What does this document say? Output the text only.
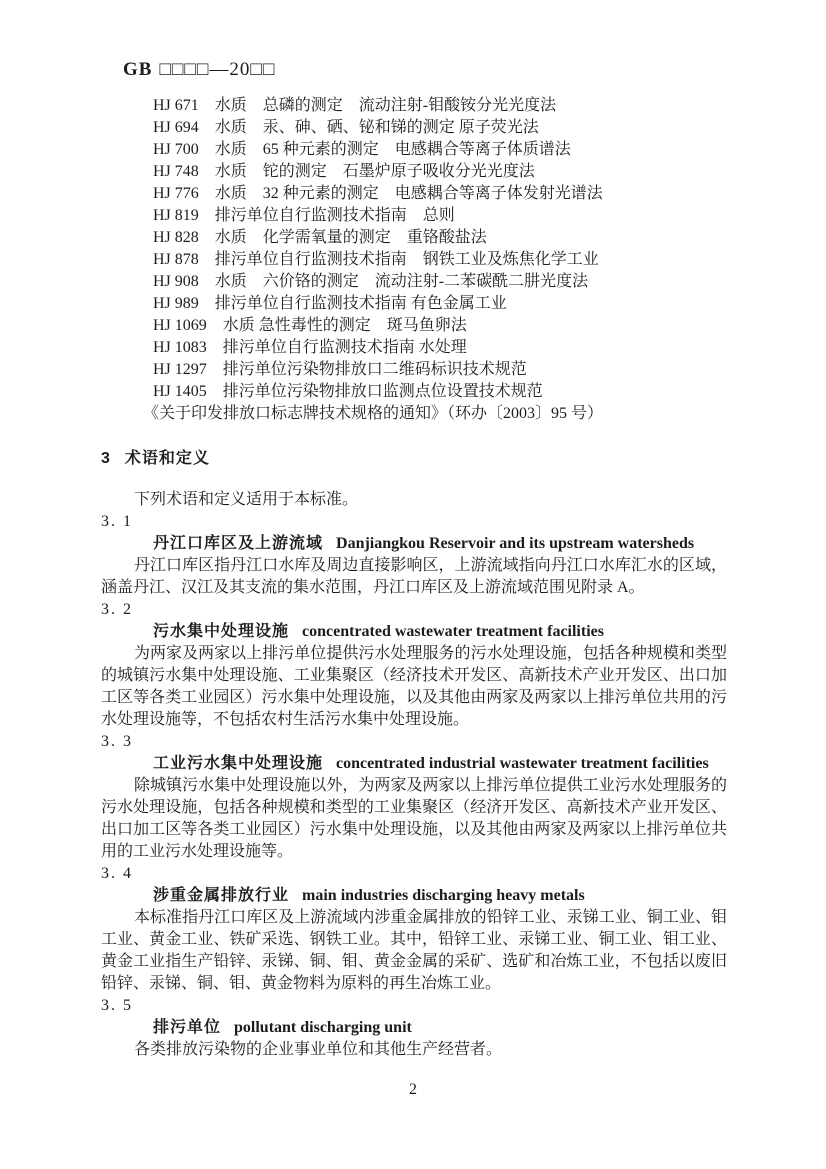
GB □□□□—20□□
HJ 671　水质　总磷的测定　流动注射-钼酸铵分光光度法
HJ 694　水质　汞、砷、硒、铋和锑的测定 原子荧光法
HJ 700　水质　65 种元素的测定　电感耦合等离子体质谱法
HJ 748　水质　铊的测定　石墨炉原子吸收分光光度法
HJ 776　水质　32 种元素的测定　电感耦合等离子体发射光谱法
HJ 819　排污单位自行监测技术指南　总则
HJ 828　水质　化学需氧量的测定　重铬酸盐法
HJ 878　排污单位自行监测技术指南　钢铁工业及炼焦化学工业
HJ 908　水质　六价铬的测定　流动注射-二苯碳酰二肼光度法
HJ 989　排污单位自行监测技术指南 有色金属工业
HJ 1069　水质 急性毒性的测定　斑马鱼卵法
HJ 1083　排污单位自行监测技术指南 水处理
HJ 1297　排污单位污染物排放口二维码标识技术规范
HJ 1405　排污单位污染物排放口监测点位设置技术规范
《关于印发排放口标志牌技术规格的通知》（环办〔2003〕95 号）
3 术语和定义

下列术语和定义适用于本标准。

3. 1
丹江口库区及上游流域 Danjiangkou Reservoir and its upstream watersheds

丹江口库区指丹江口水库及周边直接影响区，上游流域指向丹江口水库汇水的区域，涵盖丹江、汉江及其支流的集水范围，丹江口库区及上游流域范围见附录 A。

3. 2
污水集中处理设施 concentrated wastewater treatment facilities

为两家及两家以上排污单位提供污水处理服务的污水处理设施，包括各种规模和类型的城镇污水集中处理设施、工业集聚区（经济技术开发区、高新技术产业开发区、出口加工区等各类工业园区）污水集中处理设施，以及其他由两家及两家以上排污单位共用的污水处理设施等，不包括农村生活污水集中处理设施。

3. 3
工业污水集中处理设施 concentrated industrial wastewater treatment facilities

除城镇污水集中处理设施以外，为两家及两家以上排污单位提供工业污水处理服务的污水处理设施，包括各种规模和类型的工业集聚区（经济开发区、高新技术产业开发区、出口加工区等各类工业园区）污水集中处理设施，以及其他由两家及两家以上排污单位共用的工业污水处理设施等。

3. 4
涉重金属排放行业 main industries discharging heavy metals

本标准指丹江口库区及上游流域内涉重金属排放的铅锌工业、汞锑工业、铜工业、钼工业、黄金工业、铁矿采选、钢铁工业。其中，铅锌工业、汞锑工业、铜工业、钼工业、黄金工业指生产铅锌、汞锑、铜、钼、黄金金属的采矿、选矿和冶炼工业，不包括以废旧铅锌、汞锑、铜、钼、黄金物料为原料的再生冶炼工业。

3. 5
排污单位 pollutant discharging unit

各类排放污染物的企业事业单位和其他生产经营者。

2
